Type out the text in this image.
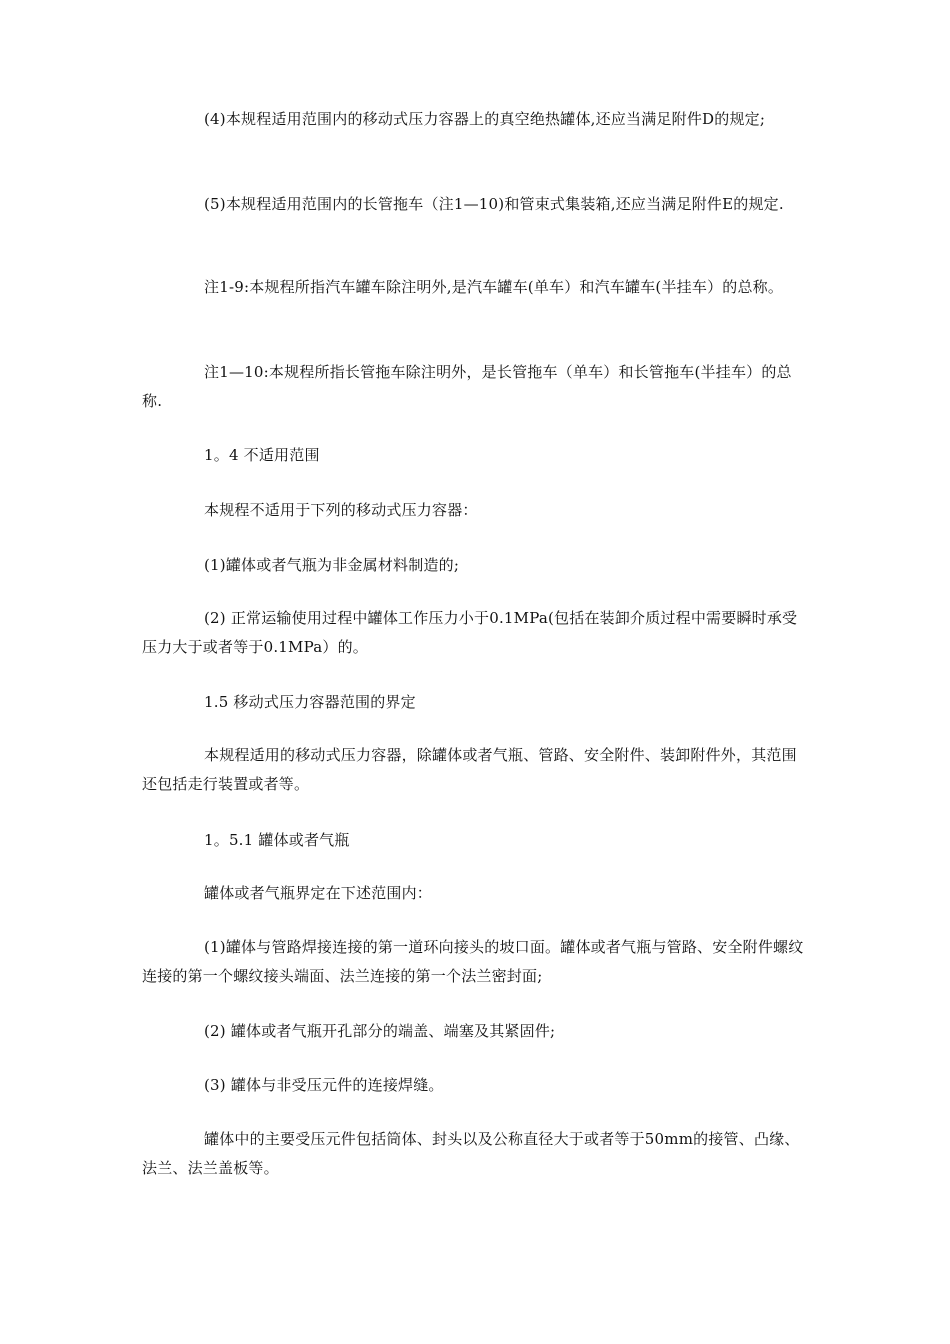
(4)本规程适用范围内的移动式压力容器上的真空绝热罐体,还应当满足附件D的规定;

(5)本规程适用范围内的长管拖车（注1—10)和管束式集装箱,还应当满足附件E的规定.

注1-9:本规程所指汽车罐车除注明外,是汽车罐车(单车）和汽车罐车(半挂车）的总称。

注1—10:本规程所指长管拖车除注明外，是长管拖车（单车）和长管拖车(半挂车）的总称.

1。4 不适用范围

本规程不适用于下列的移动式压力容器：

(1)罐体或者气瓶为非金属材料制造的;

(2) 正常运输使用过程中罐体工作压力小于0.1MPa(包括在装卸介质过程中需要瞬时承受压力大于或者等于0.1MPa）的。

1.5 移动式压力容器范围的界定

本规程适用的移动式压力容器，除罐体或者气瓶、管路、安全附件、装卸附件外，其范围还包括走行装置或者等。

1。5.1 罐体或者气瓶

罐体或者气瓶界定在下述范围内：

(1)罐体与管路焊接连接的第一道环向接头的坡口面。罐体或者气瓶与管路、安全附件螺纹连接的第一个螺纹接头端面、法兰连接的第一个法兰密封面;

(2) 罐体或者气瓶开孔部分的端盖、端塞及其紧固件;

(3) 罐体与非受压元件的连接焊缝。

罐体中的主要受压元件包括筒体、封头以及公称直径大于或者等于50mm的接管、凸缘、法兰、法兰盖板等。
